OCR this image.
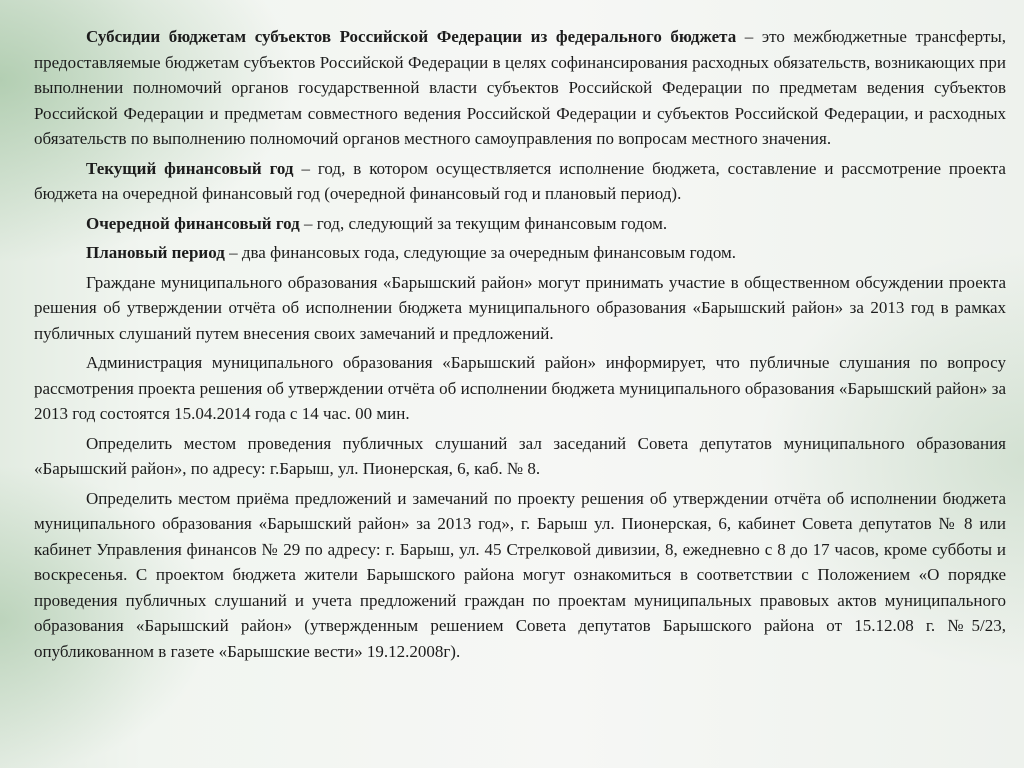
Субсидии бюджетам субъектов Российской Федерации из федерального бюджета – это межбюджетные трансферты, предоставляемые бюджетам субъектов Российской Федерации в целях софинансирования расходных обязательств, возникающих при выполнении полномочий органов государственной власти субъектов Российской Федерации по предметам ведения субъектов Российской Федерации и предметам совместного ведения Российской Федерации и субъектов Российской Федерации, и расходных обязательств по выполнению полномочий органов местного самоуправления по вопросам местного значения.

Текущий финансовый год – год, в котором осуществляется исполнение бюджета, составление и рассмотрение проекта бюджета на очередной финансовый год (очередной финансовый год и плановый период).

Очередной финансовый год – год, следующий за текущим финансовым годом.

Плановый период – два финансовых года, следующие за очередным финансовым годом.

Граждане муниципального образования «Барышский район» могут принимать участие в общественном обсуждении проекта решения об утверждении отчёта об исполнении бюджета муниципального образования «Барышский район» за 2013 год в рамках публичных слушаний путем внесения своих замечаний и предложений.

Администрация муниципального образования «Барышский район» информирует, что публичные слушания по вопросу рассмотрения проекта решения об утверждении отчёта об исполнении бюджета муниципального образования «Барышский район» за 2013 год состоятся 15.04.2014 года с 14 час. 00 мин.

Определить местом проведения публичных слушаний зал заседаний Совета депутатов муниципального образования «Барышский район», по адресу: г.Барыш, ул. Пионерская, 6, каб. № 8.

Определить местом приёма предложений и замечаний по проекту решения об утверждении отчёта об исполнении бюджета муниципального образования «Барышский район» за 2013 год», г. Барыш ул. Пионерская, 6, кабинет Совета депутатов № 8 или кабинет Управления финансов № 29 по адресу: г. Барыш, ул. 45 Стрелковой дивизии, 8, ежедневно с 8 до 17 часов, кроме субботы и воскресенья. С проектом бюджета жители Барышского района могут ознакомиться в соответствии с Положением «О порядке проведения публичных слушаний и учета предложений граждан по проектам муниципальных правовых актов муниципального образования «Барышский район» (утвержденным решением Совета депутатов Барышского района от 15.12.08 г. №5/23, опубликованном в газете «Барышские вести» 19.12.2008г).
